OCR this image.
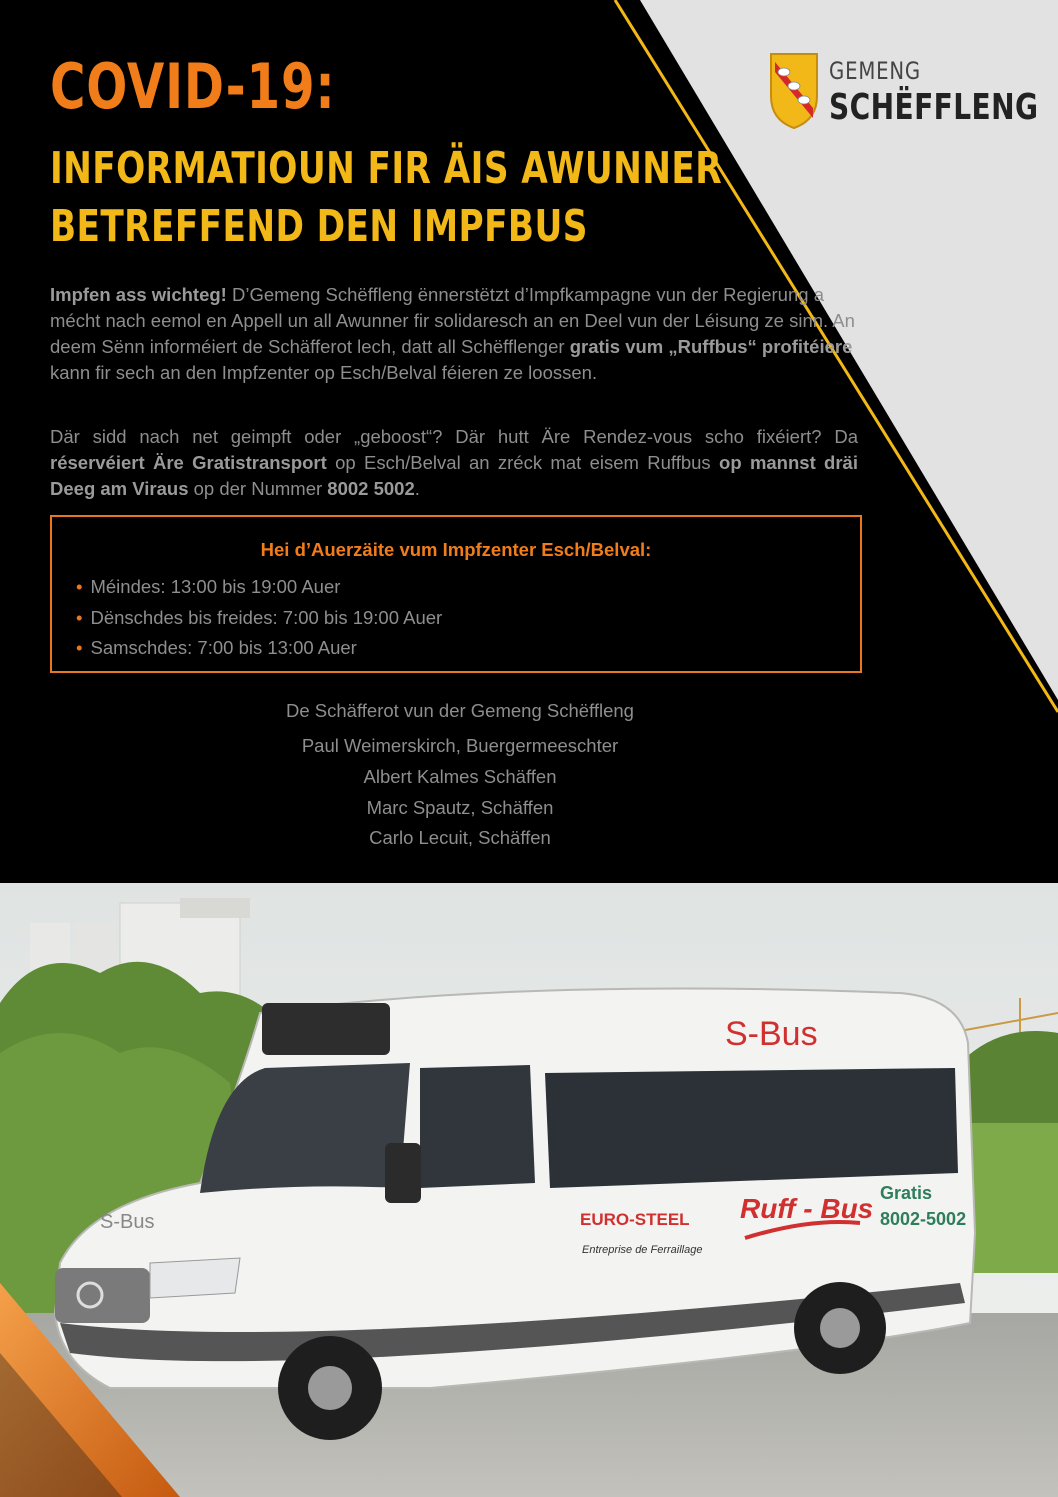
COVID-19:
INFORMATIOUN FIR ÄIS AWUNNER
BETREFFEND DEN IMPFBUS

GEMENG

SCHËFFLENG

Impfen ass wichteg! D’Gemeng Schëffleng ënnerstëtzt d’Impfkampagne vun der Regierung a mécht nach eemol en Appell un all Awunner fir solidaresch an en Deel vun der Léisung ze sinn. An deem Sënn informéiert de Schäfferot lech, datt all Schëfflenger gratis vum „Ruffbus“ profitéiere kann fir sech an den Impfzenter op Esch/Belval féieren ze loossen.

Där sidd nach net geimpft oder „geboost“? Där hutt Äre Rendez-vous scho fixéiert? Da réservéiert Äre Gratistransport op Esch/Belval an zréck mat eisem Ruffbus op mannst dräi Deeg am Viraus op der Nummer 8002 5002.

Hei d’Auerzäite vum Impfzenter Esch/Belval:

• Méindes: 13:00 bis 19:00 Auer
• Dënschdes bis freides: 7:00 bis 19:00 Auer
• Samschdes: 7:00 bis 13:00 Auer

De Schäfferot vun der Gemeng Schëffleng

Paul Weimerskirch, Buergermeeschter

Albert Kalmes Schäffen

Marc Spautz, Schäffen

Carlo Lecuit, Schäffen

S-Bus
Ruff - Bus Gratis
8002-5002
EURO-STEEL
Entreprise de Ferraillage
S-Bus
